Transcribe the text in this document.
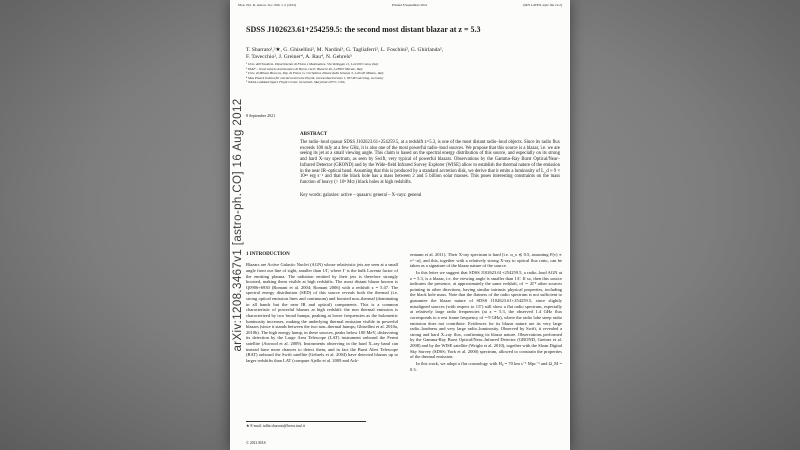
Mon. Not. R. Astron. Soc. 000, 1–5 (2012)	Printed 8 September 2021	(MN LATEX style file v2.2)
arXiv:1208.3467v1 [astro-ph.CO] 16 Aug 2012
SDSS J102623.61+254259.5: the second most distant blazar at z = 5.3
T. Sbarrato¹,²★, G. Ghisellini², M. Nardini³, G. Tagliaferri², L. Foschini², G. Ghirlanda²,
F. Tavecchio², J. Greiner⁴, A. Rau⁴, N. Gehrels⁵
¹ Univ. dell'Insubria, Dipartimento di Fisica e Matematica, Via Valleggio 11, I-22100 Como, Italy
² INAF – Osservatorio Astronomico di Brera, via E. Bianchi 46, I-23807 Merate, Italy
³ Univ. di Milano Bicocca, Dip. di Fisica G. Occhialini, Piazza della Scienza 3, I-20126 Milano, Italy
⁴ Max Planck Institut für extraterrestrische Physik, Giessenbachstrasse 1, 85748 Garching, Germany
⁵ NASA-Goddard Space Flight Center, Greenbelt, Maryland 20771, USA
8 September 2021
ABSTRACT
The radio–loud quasar SDSS J102623.61+254259.5, at a redshift z=5.3, is one of the most distant radio–loud objects. Since its radio flux exceeds 100 mJy at a few GHz, it is also one of the most powerful radio–loud sources. We propose that this source is a blazar, i.e. we are seeing its jet at a small viewing angle. This claim is based on the spectral energy distribution of this source, and especially on its strong and hard X–ray spectrum, as seen by Swift, very typical of powerful blazars. Observations by the Gamma–Ray Burst Optical/Near–Infrared Detector (GROND) and by the Wide–field Infrared Survey Explorer (WISE) allow to establish the thermal nature of the emission in the near IR–optical band. Assuming that this is produced by a standard accretion disk, we derive that it emits a luminosity of L_d ≈ 9 × 10⁴⁶ erg s⁻¹ and that the black hole has a mass between 2 and 5 billion solar masses. This poses interesting constraints on the mass function of heavy (> 10⁹ M⊙) black holes at high redshifts.
Key words: galaxies: active – quasars: general – X–rays: general
1 INTRODUCTION

Blazars are Active Galactic Nuclei (AGN) whose relativistic jets are seen at a small angle from our line of sight, smaller than 1/Γ, where Γ is the bulk Lorentz factor of the emitting plasma. The radiation emitted by their jets is therefore strongly boosted, making them visible at high redshifts. The most distant blazar known is Q0906+6930 (Romani et al. 2004; Romani 2006) with a redshift z = 5.47. The spectral energy distribution (SED) of this source reveals both the thermal (i.e. strong optical emission lines and continuum) and boosted non–thermal (dominating in all bands but the near IR and optical) components. This is a common characteristic of powerful blazars at high redshift: the non thermal emission is characterized by two broad humps, peaking at lower frequencies as the bolometric luminosity increases, making the underlying thermal emission visible in powerful blazars (since it stands between the two non–thermal humps; Ghisellini et al. 2010a, 2010b). The high energy hump, in these sources, peaks below 100 MeV, disfavoring its detection by the Large Area Telescope (LAT) instrument onboard the Fermi satellite (Atwood et al. 2009). Instruments observing in the hard X–ray band can instead have more chances to detect them, and in fact the Burst Alert Telescope (BAT) onboard the Swift satellite (Gehrels et al. 2004) have detected blazars up to larger redshifts than LAT (compare Ajello et al. 2009 and Ack-

ermann et al. 2011). Their X-ray spectrum is hard [i.e. α_x ≲ 0.5, assuming F(ν) ∝ ν^−α], and this, together with a relatively strong X-ray to optical flux ratio, can be taken as a signature of the blazar nature of the source.

In this letter we suggest that SDSS J102623.61+254259.5, a radio–loud AGN at z = 5.3, is a blazar, i.e. the viewing angle is smaller than 1/Γ. If so, then this source indicates the presence, at approximately the same redshift, of ∼ 2Γ² other sources pointing in other directions, having similar intrinsic physical properties, including the black hole mass. Note that the flatness of the radio spectrum is not sufficient to guarantee the blazar nature of SDSS J102623.61+254259.5, since slightly misaligned sources (with respect to 1/Γ) still show a flat radio spectrum, especially at relatively large radio frequencies (at z = 5.3, the observed 1.4 GHz flux corresponds to a rest frame frequency of ∼9 GHz), where the radio lobe steep radio emission does not contribute. Evidences for its blazar nature are its very large radio–loudness and very large radio–luminosity. Observed by Swift, it revealed a strong and hard X–ray flux, confirming its blazar nature. Observations performed by the Gamma-Ray Burst Optical/Near–Infrared Detector (GROND, Greiner et al. 2008) and by the WISE satellite (Wright et al. 2010), together with the Sloan Digital Sky Survey (SDSS; York et al. 2000) spectrum, allowed to constrain the properties of the thermal emission.

In this work, we adopt a flat cosmology with H₀ = 70 km s⁻¹ Mpc⁻¹ and Ω_M = 0.3.

★ E-mail: tullia.sbarrato@brera.inaf.it
© 2012 RAS
